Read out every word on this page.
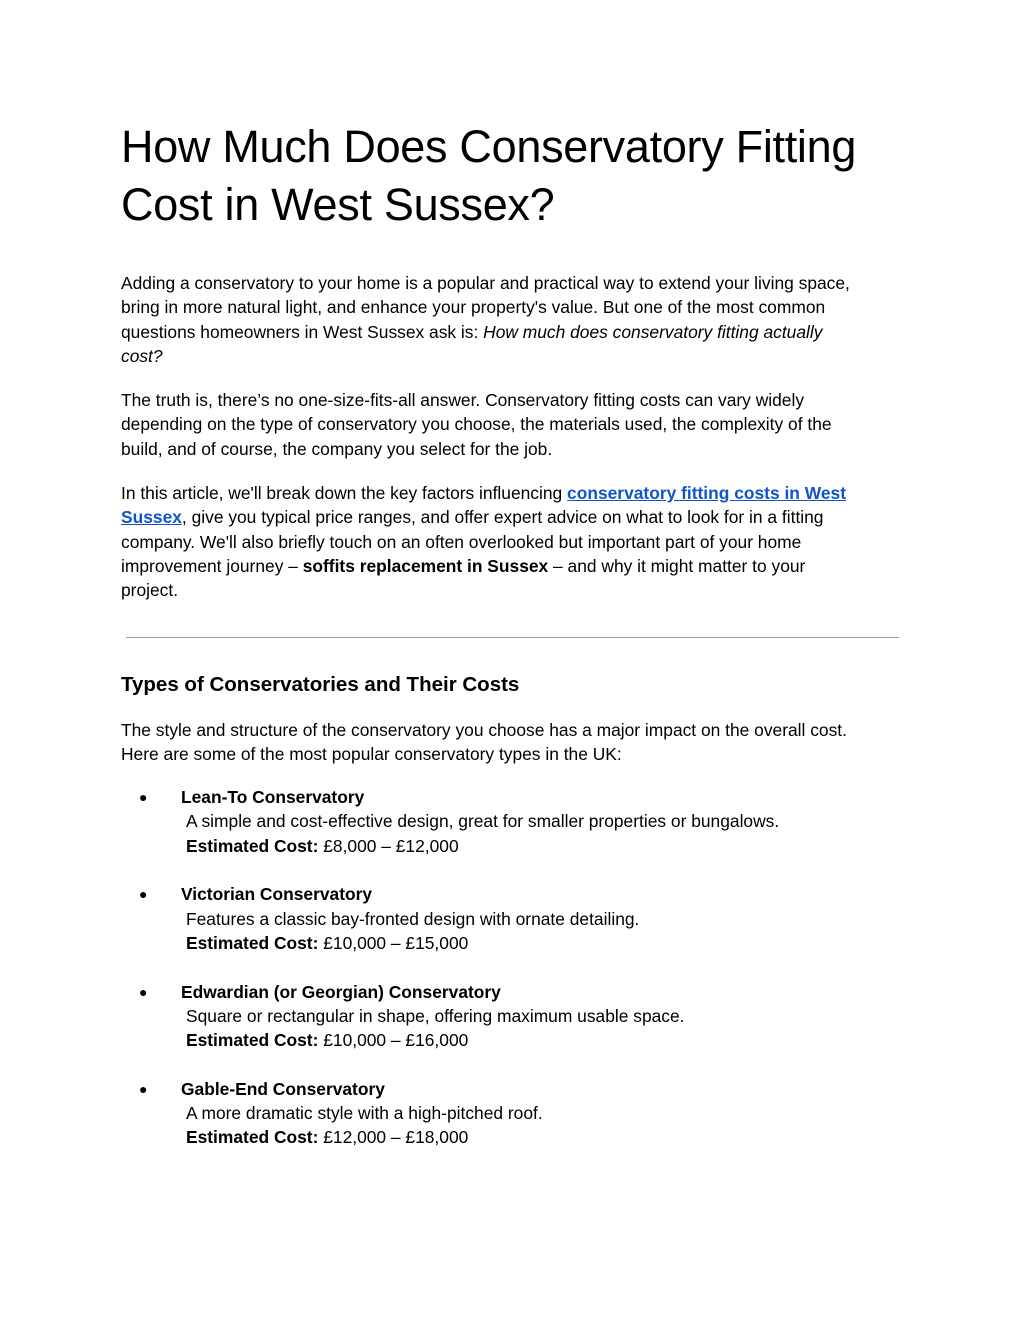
How Much Does Conservatory Fitting
Cost in West Sussex?

Adding a conservatory to your home is a popular and practical way to extend your living space,
bring in more natural light, and enhance your property's value. But one of the most common
questions homeowners in West Sussex ask is: How much does conservatory fitting actually
cost?

The truth is, there’s no one-size-fits-all answer. Conservatory fitting costs can vary widely
depending on the type of conservatory you choose, the materials used, the complexity of the
build, and of course, the company you select for the job.

In this article, we'll break down the key factors influencing conservatory fitting costs in West
Sussex, give you typical price ranges, and offer expert advice on what to look for in a fitting
company. We'll also briefly touch on an often overlooked but important part of your home
improvement journey – soffits replacement in Sussex – and why it might matter to your
project.

Types of Conservatories and Their Costs

The style and structure of the conservatory you choose has a major impact on the overall cost.
Here are some of the most popular conservatory types in the UK:

● Lean-To Conservatory
A simple and cost-effective design, great for smaller properties or bungalows.
Estimated Cost: £8,000 – £12,000
● Victorian Conservatory
Features a classic bay-fronted design with ornate detailing.
Estimated Cost: £10,000 – £15,000
● Edwardian (or Georgian) Conservatory
Square or rectangular in shape, offering maximum usable space.
Estimated Cost: £10,000 – £16,000
● Gable-End Conservatory
A more dramatic style with a high-pitched roof.
Estimated Cost: £12,000 – £18,000
